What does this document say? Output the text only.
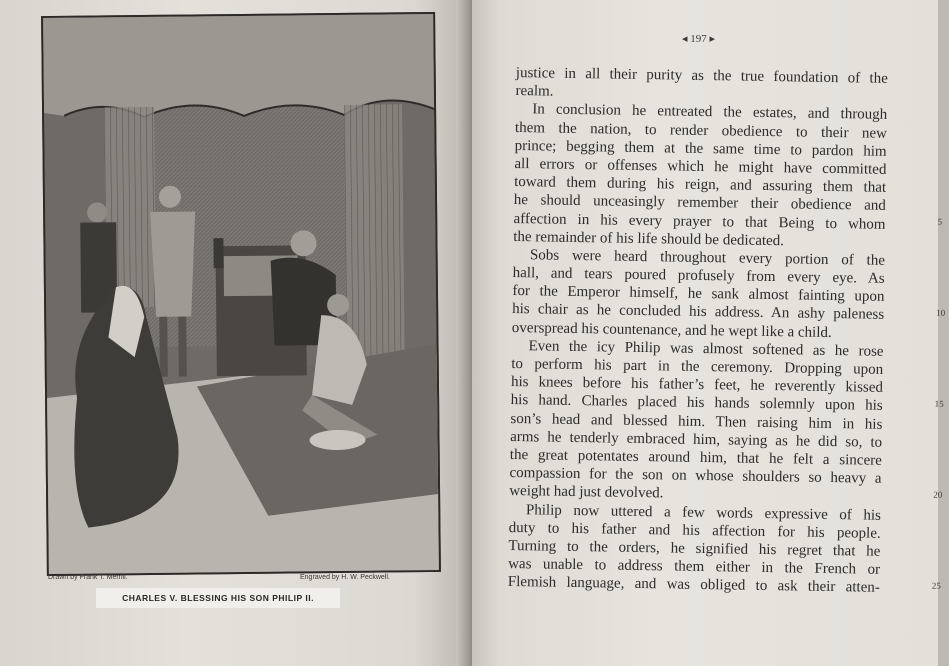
Drawn by Frank T. Merrill.	Engraved by H. W. Peckwell.
CHARLES V. BLESSING HIS SON PHILIP II.
◂ 197 ▸
justice in all their purity as the true foundation of the
realm.
In conclusion he entreated the estates, and through
them the nation, to render obedience to their new
prince; begging them at the same time to pardon him
all errors or offenses which he might have committed
toward them during his reign, and assuring them that
he should unceasingly remember their obedience and
affection in his every prayer to that Being to whom
the remainder of his life should be dedicated.
Sobs were heard throughout every portion of the
hall, and tears poured profusely from every eye. As
for the Emperor himself, he sank almost fainting upon
his chair as he concluded his address. An ashy paleness
overspread his countenance, and he wept like a child.
Even the icy Philip was almost softened as he rose
to perform his part in the ceremony. Dropping upon
his knees before his father’s feet, he reverently kissed
his hand. Charles placed his hands solemnly upon his
son’s head and blessed him. Then raising him in his
arms he tenderly embraced him, saying as he did so, to
the great potentates around him, that he felt a sincere
compassion for the son on whose shoulders so heavy a
weight had just devolved.
Philip now uttered a few words expressive of his
duty to his father and his affection for his people.
Turning to the orders, he signified his regret that he
was unable to address them either in the French or
Flemish language, and was obliged to ask their atten-
5
10
15
20
25
